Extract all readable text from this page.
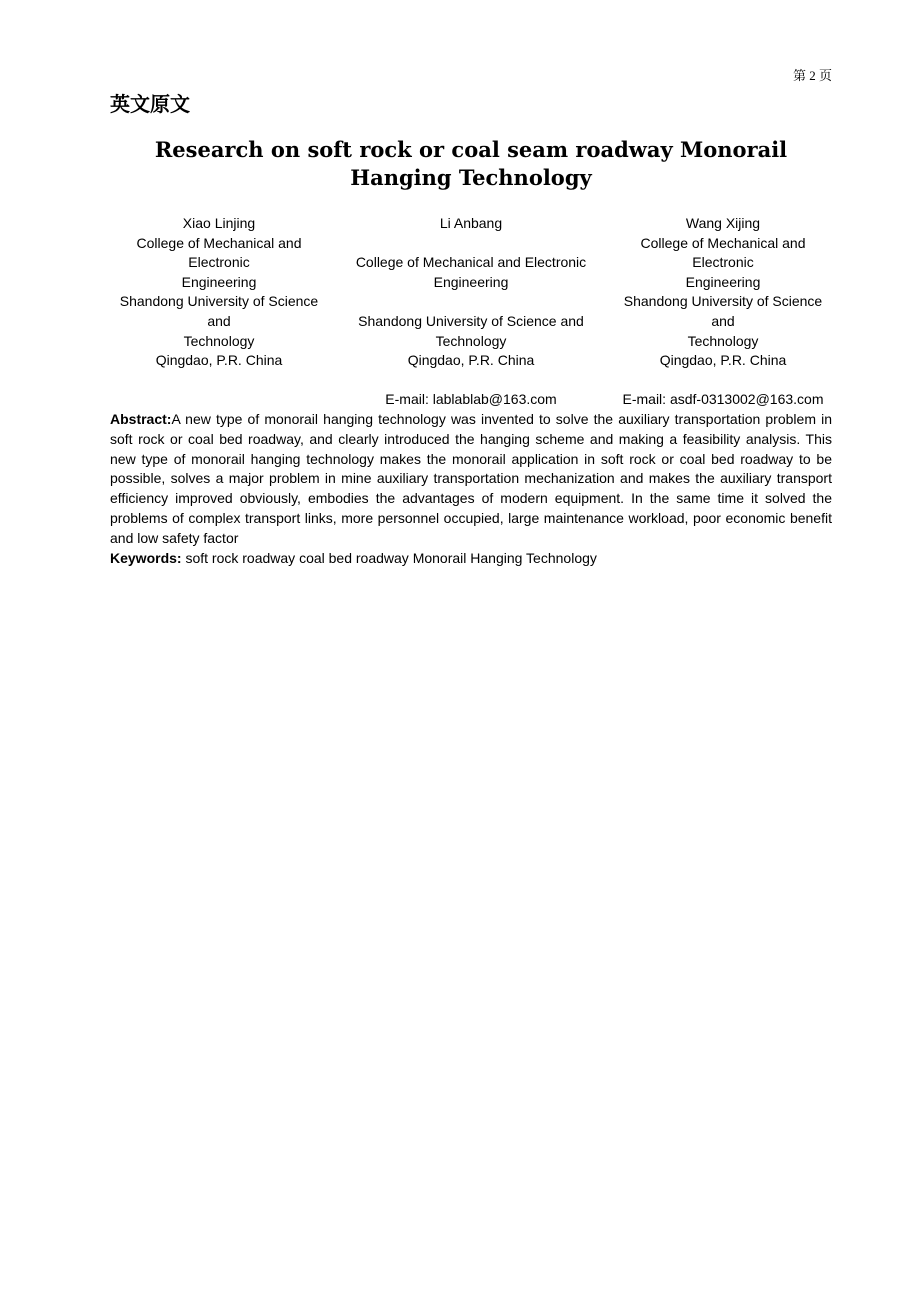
第 2 页
英文原文
Research on soft rock or coal seam roadway Monorail Hanging Technology
Xiao Linjing
College of Mechanical and
Electronic
Engineering
Shandong University of Science
and
Technology
Qingdao, P.R. China
Li Anbang
College of Mechanical and Electronic
Engineering
Shandong University of Science and
Technology
Qingdao, P.R. China
E-mail: lablablab@163.com
Wang Xijing
College of Mechanical and
Electronic
Engineering
Shandong University of Science
and
Technology
Qingdao, P.R. China
E-mail: asdf-0313002@163.com
Abstract:A new type of monorail hanging technology was invented to solve the auxiliary transportation problem in soft rock or coal bed roadway, and clearly introduced the hanging scheme and making a feasibility analysis. This new type of monorail hanging technology makes the monorail application in soft rock or coal bed roadway to be possible, solves a major problem in mine auxiliary transportation mechanization and makes the auxiliary transport efficiency improved obviously, embodies the advantages of modern equipment. In the same time it solved the problems of complex transport links, more personnel occupied, large maintenance workload, poor economic benefit and low safety factor
Keywords: soft rock roadway coal bed roadway Monorail Hanging Technology
